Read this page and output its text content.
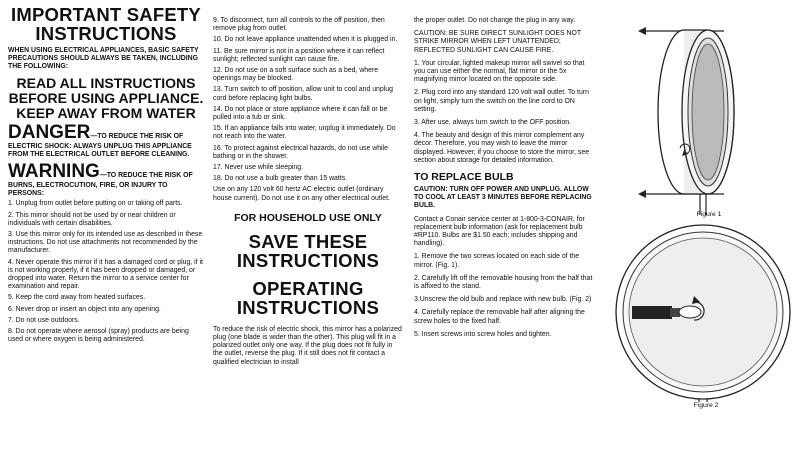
IMPORTANT SAFETY INSTRUCTIONS

WHEN USING ELECTRICAL APPLIANCES, BASIC SAFETY PRECAUTIONS SHOULD ALWAYS BE TAKEN, INCLUDING THE FOLLOWING:

READ ALL INSTRUCTIONS BEFORE USING APPLIANCE.
KEEP AWAY FROM WATER

DANGER—TO REDUCE THE RISK OF ELECTRIC SHOCK: ALWAYS UNPLUG THIS APPLIANCE FROM THE ELECTRICAL OUTLET BEFORE CLEANING.

WARNING—TO REDUCE THE RISK OF BURNS, ELECTROCUTION, FIRE, OR INJURY TO PERSONS:

1. Unplug from outlet before putting on or taking off parts.

2. This mirror should not be used by or near children or individuals with certain disabilities.

3. Use this mirror only for its intended use as described in these instructions. Do not use attachments not recommended by the manufacturer.

4. Never operate this mirror if it has a damaged cord or plug, if it is not working properly, if it has been dropped or damaged, or dropped into water. Return the mirror to a service center for examination and repair.

5. Keep the cord away from heated surfaces.

6. Never drop or insert an object into any opening.

7. Do not use outdoors.

8. Do not operate where aerosol (spray) products are being used or where oxygen is being administered.

9. To disconnect, turn all controls to the off position, then remove plug from outlet.

10. Do not leave appliance unattended when it is plugged in.

11. Be sure mirror is not in a position where it can reflect sunlight; reflected sunlight can cause fire.

12. Do not use on a soft surface such as a bed, where openings may be blocked.

13. Turn switch to off position, allow unit to cool and unplug cord before replacing light bulbs.

14. Do not place or store appliance where it can fall or be pulled into a tub or sink.

15. If an appliance falls into water, unplug it immediately. Do not reach into the water.

16. To protect against electrical hazards, do not use while bathing or in the shower.

17. Never use while sleeping.

18. Do not use a bulb greater than 15 watts.

Use on any 120 volt 60 hertz AC electric outlet (ordinary house current). Do not use it on any other electrical outlet.

FOR HOUSEHOLD USE ONLY
SAVE THESE INSTRUCTIONS
OPERATING INSTRUCTIONS

To reduce the risk of electric shock, this mirror has a polarized plug (one blade is wider than the other). This plug will fit in a polarized outlet only one way. If the plug does not fit fully in the outlet, reverse the plug. If it still does not fit contact a qualified electrician to install

the proper outlet. Do not change the plug in any way.

CAUTION: BE SURE DIRECT SUNLIGHT DOES NOT STRIKE MIRROR WHEN LEFT UNATTENDED; REFLECTED SUNLIGHT CAN CAUSE FIRE.

1. Your circular, lighted makeup mirror will swivel so that you can use either the normal, flat mirror or the 5x magnifying mirror located on the opposite side.

2. Plug cord into any standard 120 volt wall outlet. To turn on light, simply turn the switch on the line cord to ON setting.

3. After use, always turn switch to the OFF position.

4. The beauty and design of this mirror complement any decor. Therefore, you may wish to leave the mirror displayed. However, if you choose to store the mirror, see section about storage for detailed information.

TO REPLACE BULB

CAUTION: TURN OFF POWER AND UNPLUG. ALLOW TO COOL AT LEAST 3 MINUTES BEFORE REPLACING BULB.

Contact a Conair service center at 1-800-3-CONAIR, for replacement bulb information (ask for replacement bulb #RP110. Bulbs are $1.50 each; includes shipping and handling).

1. Remove the two screws located on each side of the mirror. (Fig. 1).

2. Carefully lift off the removable housing from the half that is affixed to the stand.

3.Unscrew the old bulb and replace with new bulb. (Fig. 2)

4. Carefully replace the removable half after aligning the screw holes to the fixed half.

5. Insert screws into screw holes and tighten.

Figure 1
Figure 2
